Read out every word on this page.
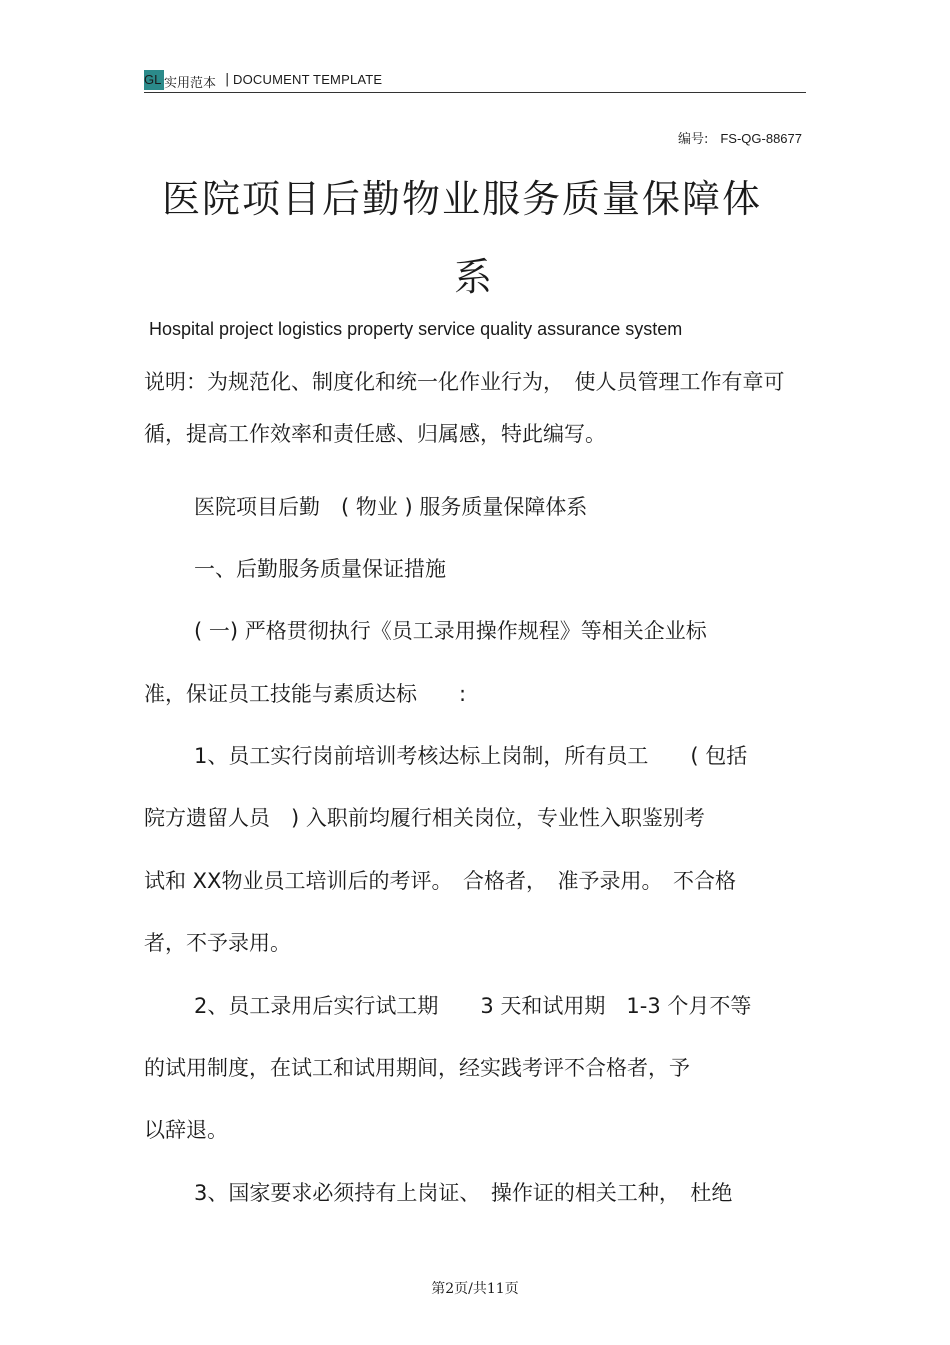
GL 实用范本 | DOCUMENT TEMPLATE
编号: FS-QG-88677
医院项目后勤物业服务质量保障体
系
Hospital project logistics property service quality assurance system
说明：为规范化、制度化和统一化作业行为，　使人员管理工作有章可
循，提高工作效率和责任感、归属感，特此编写。
医院项目后勤　( 物业 ) 服务质量保障体系
一、后勤服务质量保证措施
( 一) 严格贯彻执行《员工录用操作规程》等相关企业标
准，保证员工技能与素质达标　　:
1、员工实行岗前培训考核达标上岗制，所有员工　　( 包括
院方遗留人员　) 入职前均履行相关岗位，专业性入职鉴别考
试和 XX物业员工培训后的考评。　合格者，　准予录用。　不合格
者，不予录用。
2、员工录用后实行试工期　　3 天和试用期　1-3 个月不等
的试用制度，在试工和试用期间，经实践考评不合格者，予
以辞退。
3、国家要求必须持有上岗证、　操作证的相关工种，　杜绝
第2页/共11页
